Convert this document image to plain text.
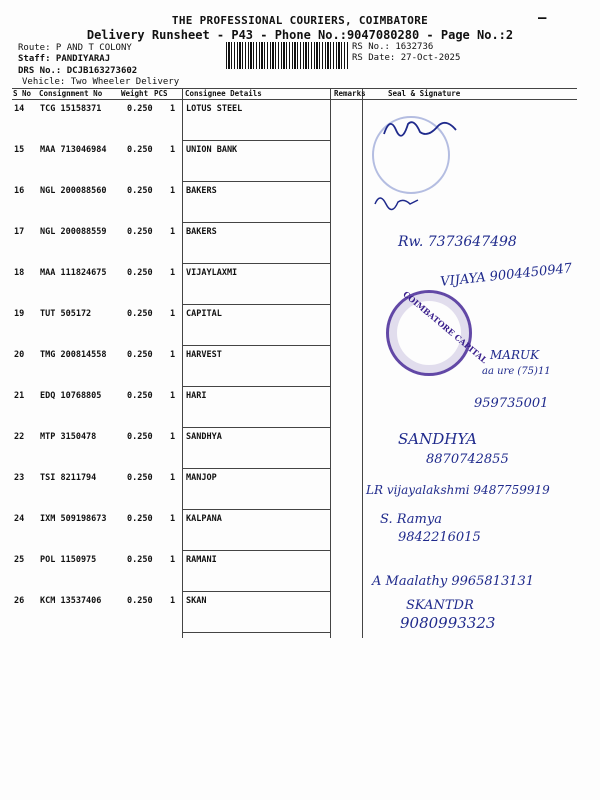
THE PROFESSIONAL COURIERS, COIMBATORE
Delivery Runsheet - P43 - Phone No.:9047080280 - Page No.:2
—
Route: P AND T COLONY
Staff: PANDIYARAJ
DRS No.: DCJB163273602
Vehicle: Two Wheeler Delivery
RS No.: 1632736
RS Date: 27-Oct-2025
S No Consignment No	Weight PCS Consignee Details	Remarks	Seal & Signature
14 TCG 15158371	0.250 1 LOTUS STEEL
15 MAA 713046984 0.250 1 UNION BANK
16 NGL 200088560 0.250 1 BAKERS
17 NGL 200088559 0.250 1 BAKERS
18 MAA 111824675 0.250 1 VIJAYLAXMI
19 TUT 505172	0.250 1 CAPITAL
20 TMG 200814558 0.250 1 HARVEST
21 EDQ 10768805	0.250 1 HARI
22 MTP 3150478	0.250 1 SANDHYA
23 TSI 8211794	0.250 1 MANJOP
24 IXM 509198673 0.250 1 KALPANA
25 POL 1150975	0.250 1 RAMANI
26 KCM 13537406	0.250 1 SKAN
Rw. 7373647498
VIJAYA 9004450947
COIMBATORE CAPITAL MARUK
aa ure (75)11
959735001
SANDHYA
8870742855
LR vijayalakshmi 9487759919
S. Ramya
9842216015
A Maalathy 9965813131
SKANTDR
9080993323
